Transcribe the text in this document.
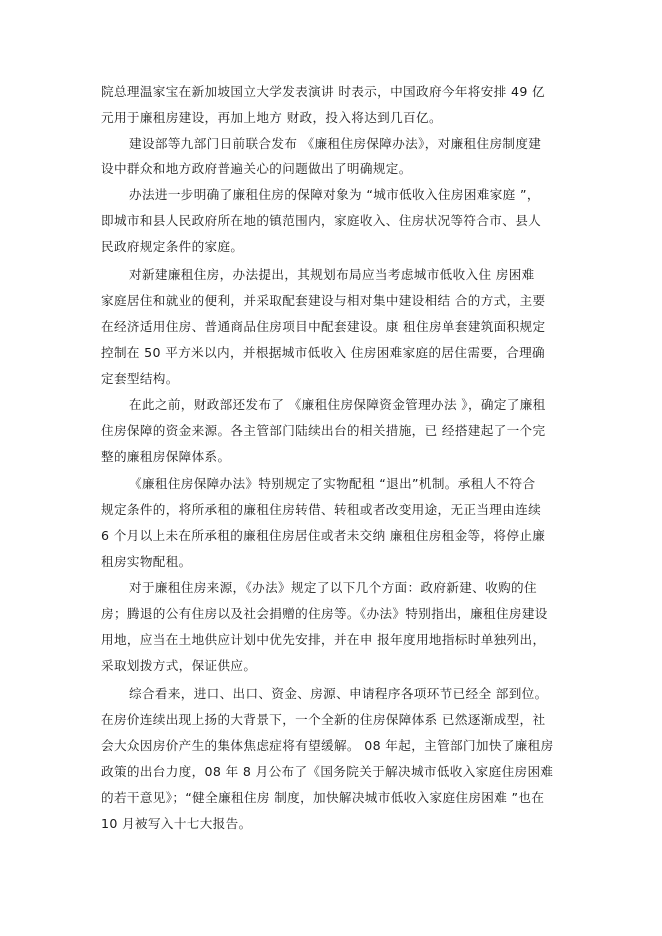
院总理温家宝在新加坡国立大学发表演讲 时表示，中国政府今年将安排 49 亿
元用于廉租房建设，再加上地方 财政，投入将达到几百亿。
建设部等九部门日前联合发布 《廉租住房保障办法》，对廉租住房制度建
设中群众和地方政府普遍关心的问题做出了明确规定。
办法进一步明确了廉租住房的保障对象为 “城市低收入住房困难家庭 ”，
即城市和县人民政府所在地的镇范围内，家庭收入、住房状况等符合市、县人
民政府规定条件的家庭。
对新建廉租住房，办法提出，其规划布局应当考虑城市低收入住 房困难
家庭居住和就业的便利，并采取配套建设与相对集中建设相结 合的方式，主要
在经济适用住房、普通商品住房项目中配套建设。康 租住房单套建筑面积规定
控制在 50 平方米以内，并根据城市低收入 住房困难家庭的居住需要，合理确
定套型结构。
在此之前，财政部还发布了 《廉租住房保障资金管理办法 》，确定了廉租
住房保障的资金来源。各主管部门陆续出台的相关措施，已 经搭建起了一个完
整的廉租房保障体系。
《廉租住房保障办法》特别规定了实物配租 “退出”机制。承租人不符合
规定条件的，将所承租的廉租住房转借、转租或者改变用途，无正当理由连续
6 个月以上未在所承租的廉租住房居住或者未交纳 廉租住房租金等，将停止廉
租房实物配租。
对于廉租住房来源，《办法》规定了以下几个方面：政府新建、收购的住
房；腾退的公有住房以及社会捐赠的住房等。《办法》特别指出，廉租住房建设
用地，应当在土地供应计划中优先安排，并在申 报年度用地指标时单独列出，
采取划拨方式，保证供应。
综合看来，进口、出口、资金、房源、申请程序各项环节已经全 部到位。
在房价连续出现上扬的大背景下，一个全新的住房保障体系 已然逐渐成型，社
会大众因房价产生的集体焦虑症将有望缓解。 08 年起，主管部门加快了廉租房
政策的出台力度，08 年 8 月公布了《国务院关于解决城市低收入家庭住房困难
的若干意见》；“健全廉租住房 制度，加快解决城市低收入家庭住房困难 ”也在
10 月被写入十七大报告。
